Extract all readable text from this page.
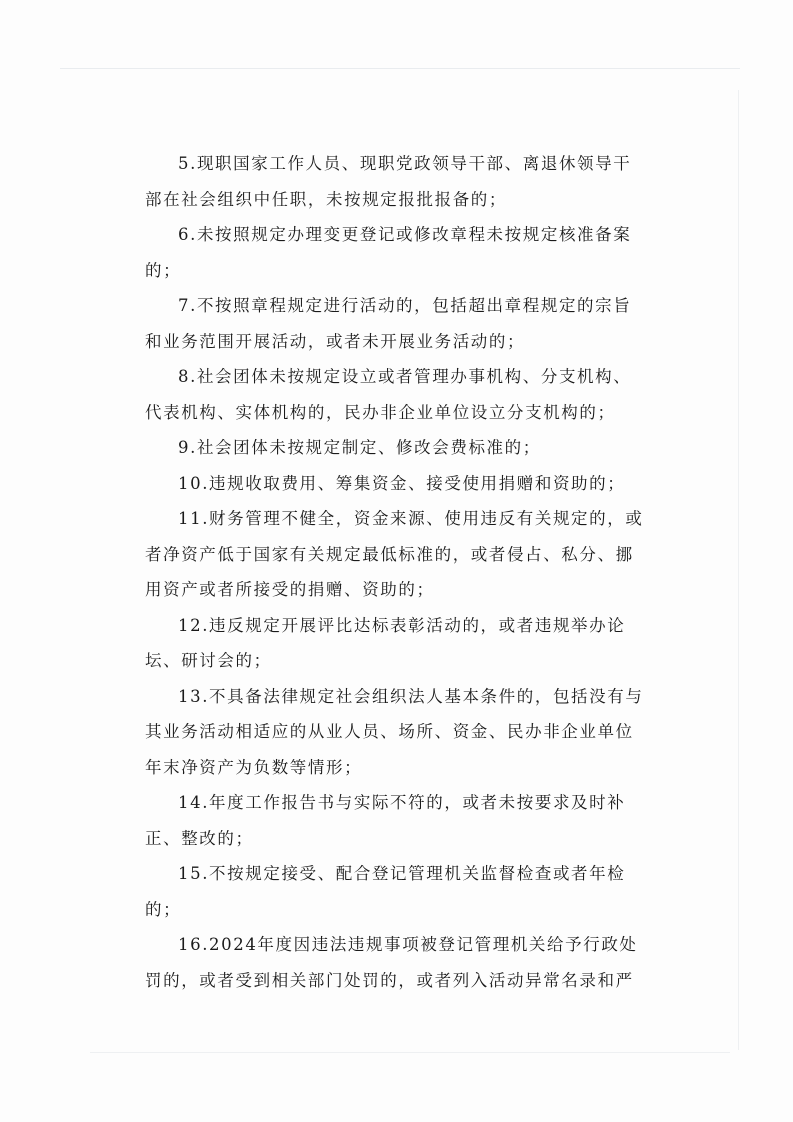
5.现职国家工作人员、现职党政领导干部、离退休领导干
部在社会组织中任职，未按规定报批报备的；
6.未按照规定办理变更登记或修改章程未按规定核准备案
的；
7.不按照章程规定进行活动的，包括超出章程规定的宗旨
和业务范围开展活动，或者未开展业务活动的；
8.社会团体未按规定设立或者管理办事机构、分支机构、
代表机构、实体机构的，民办非企业单位设立分支机构的；
9.社会团体未按规定制定、修改会费标准的；
10.违规收取费用、筹集资金、接受使用捐赠和资助的；
11.财务管理不健全，资金来源、使用违反有关规定的，或
者净资产低于国家有关规定最低标准的，或者侵占、私分、挪
用资产或者所接受的捐赠、资助的；
12.违反规定开展评比达标表彰活动的，或者违规举办论
坛、研讨会的；
13.不具备法律规定社会组织法人基本条件的，包括没有与
其业务活动相适应的从业人员、场所、资金、民办非企业单位
年末净资产为负数等情形；
14.年度工作报告书与实际不符的，或者未按要求及时补
正、整改的；
15.不按规定接受、配合登记管理机关监督检查或者年检
的；
16.2024年度因违法违规事项被登记管理机关给予行政处
罚的，或者受到相关部门处罚的，或者列入活动异常名录和严
